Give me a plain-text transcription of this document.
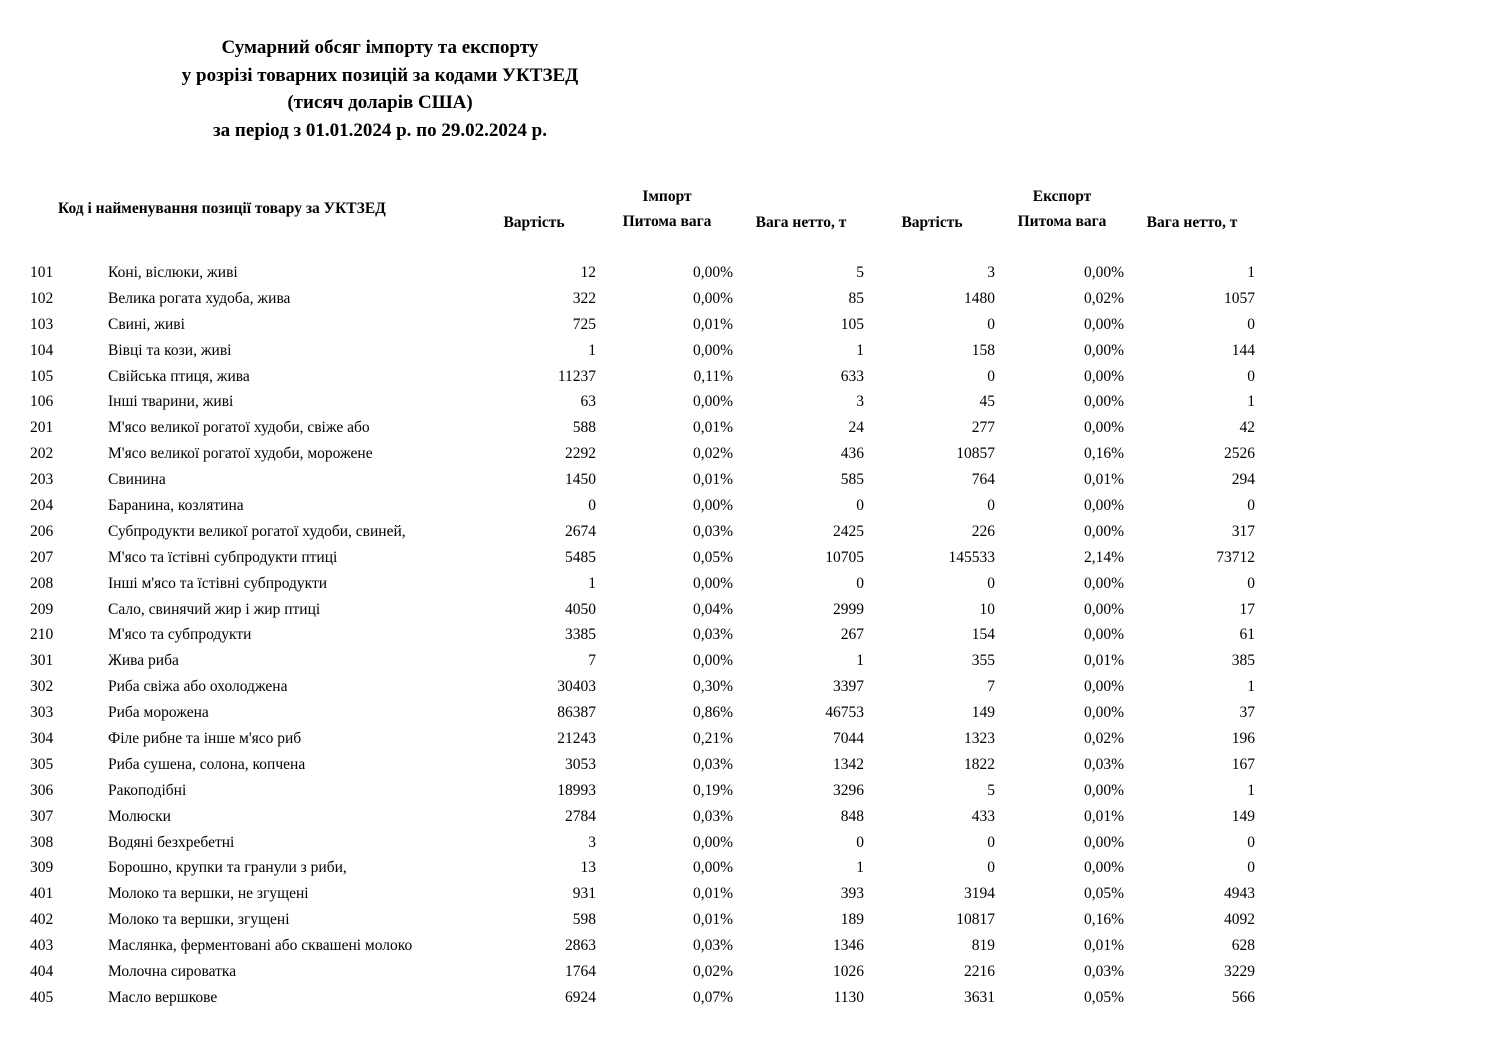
Сумарний обсяг імпорту та експорту
у розрізі товарних позицій за кодами УКТЗЕД
(тисяч доларів США)
за період з 01.01.2024 р. по 29.02.2024 р.
Код і найменування позиції товару за УКТЗЕД
Імпорт	Експорт
Вартість	Питома вага	Вага нетто, т	Вартість	Питома вага	Вага нетто, т
101	Коні, віслюки, живі	12	0,00%	5	3	0,00%	1
102	Велика рогата худоба, жива	322	0,00%	85	1480	0,02%	1057
103	Свині, живі	725	0,01%	105	0	0,00%	0
104	Вівці та кози, живі	1	0,00%	1	158	0,00%	144
105	Свійська птиця, жива	11237	0,11%	633	0	0,00%	0
106	Інші тварини, живі	63	0,00%	3	45	0,00%	1
201	М'ясо великої рогатої худоби, свіже або	588	0,01%	24	277	0,00%	42
202	М'ясо великої рогатої худоби, морожене	2292	0,02%	436	10857	0,16%	2526
203	Свинина	1450	0,01%	585	764	0,01%	294
204	Баранина, козлятина	0	0,00%	0	0	0,00%	0
206	Субпродукти великої рогатої худоби, свиней,	2674	0,03%	2425	226	0,00%	317
207	М'ясо та їстівні субпродукти птиці	5485	0,05%	10705	145533	2,14%	73712
208	Інші м'ясо та їстівні субпродукти	1	0,00%	0	0	0,00%	0
209	Сало, свинячий жир і жир птиці	4050	0,04%	2999	10	0,00%	17
210	М'ясо та субпродукти	3385	0,03%	267	154	0,00%	61
301	Жива риба	7	0,00%	1	355	0,01%	385
302	Риба свіжа або охолоджена	30403	0,30%	3397	7	0,00%	1
303	Риба морожена	86387	0,86%	46753	149	0,00%	37
304	Філе рибне та інше м'ясо риб	21243	0,21%	7044	1323	0,02%	196
305	Риба сушена, солона, копчена	3053	0,03%	1342	1822	0,03%	167
306	Ракоподібні	18993	0,19%	3296	5	0,00%	1
307	Молюски	2784	0,03%	848	433	0,01%	149
308	Водяні безхребетні	3	0,00%	0	0	0,00%	0
309	Борошно, крупки та гранули з риби,	13	0,00%	1	0	0,00%	0
401	Молоко та вершки, не згущені	931	0,01%	393	3194	0,05%	4943
402	Молоко та вершки, згущені	598	0,01%	189	10817	0,16%	4092
403	Маслянка, ферментовані або сквашені молоко	2863	0,03%	1346	819	0,01%	628
404	Молочна сироватка	1764	0,02%	1026	2216	0,03%	3229
405	Масло вершкове	6924	0,07%	1130	3631	0,05%	566
